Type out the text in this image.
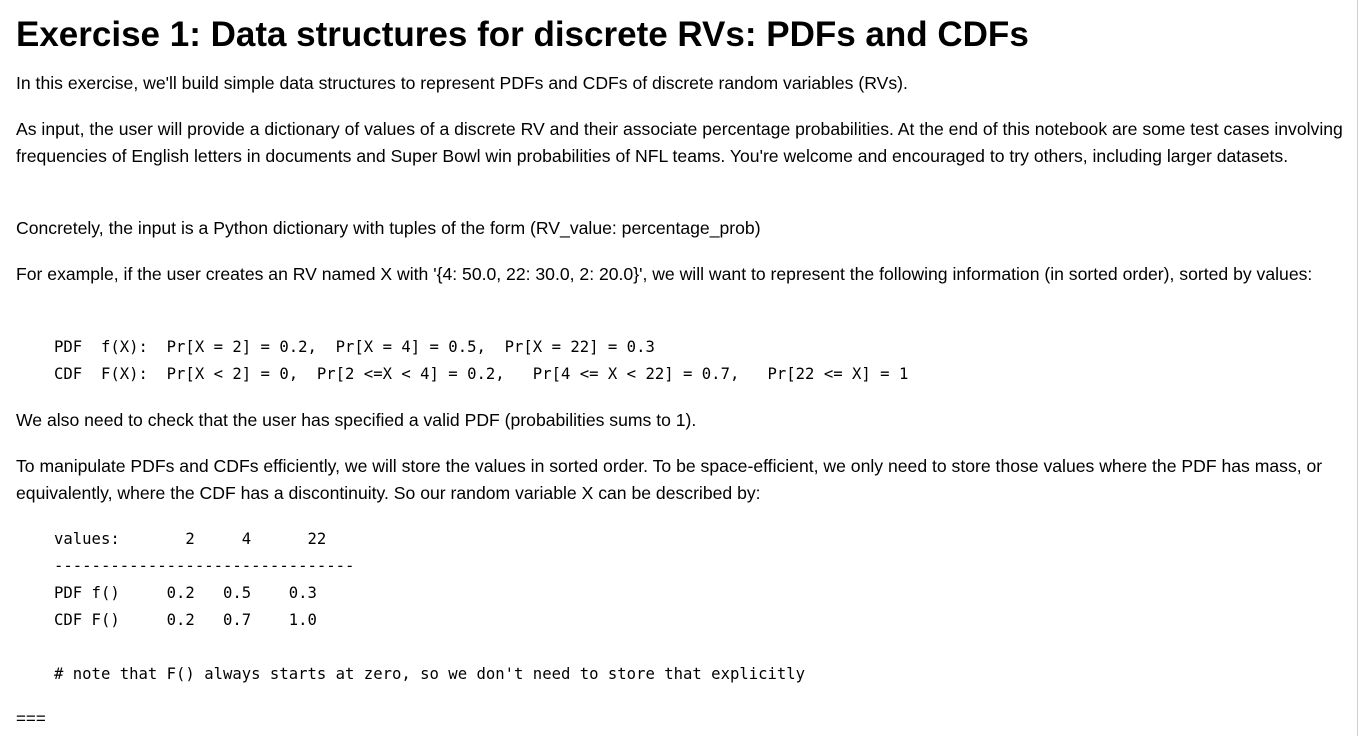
Exercise 1: Data structures for discrete RVs: PDFs and CDFs

In this exercise, we'll build simple data structures to represent PDFs and CDFs of discrete random variables (RVs).

As input, the user will provide a dictionary of values of a discrete RV and their associate percentage probabilities. At the end of this notebook are some test cases involving frequencies of English letters in documents and Super Bowl win probabilities of NFL teams. You're welcome and encouraged to try others, including larger datasets.

Concretely, the input is a Python dictionary with tuples of the form (RV_value: percentage_prob)

For example, if the user creates an RV named X with '{4: 50.0, 22: 30.0, 2: 20.0}', we will want to represent the following information (in sorted order), sorted by values:

PDF  f(X):  Pr[X = 2] = 0.2,  Pr[X = 4] = 0.5,  Pr[X = 22] = 0.3
CDF  F(X):  Pr[X < 2] = 0,  Pr[2 <=X < 4] = 0.2,   Pr[4 <= X < 22] = 0.7,   Pr[22 <= X] = 1

We also need to check that the user has specified a valid PDF (probabilities sums to 1).

To manipulate PDFs and CDFs efficiently, we will store the values in sorted order. To be space-efficient, we only need to store those values where the PDF has mass, or equivalently, where the CDF has a discontinuity. So our random variable X can be described by:

values:       2     4      22
--------------------------------
PDF f()     0.2   0.5    0.3
CDF F()     0.2   0.7    1.0
# note that F() always starts at zero, so we don't need to store that explicitly
===
